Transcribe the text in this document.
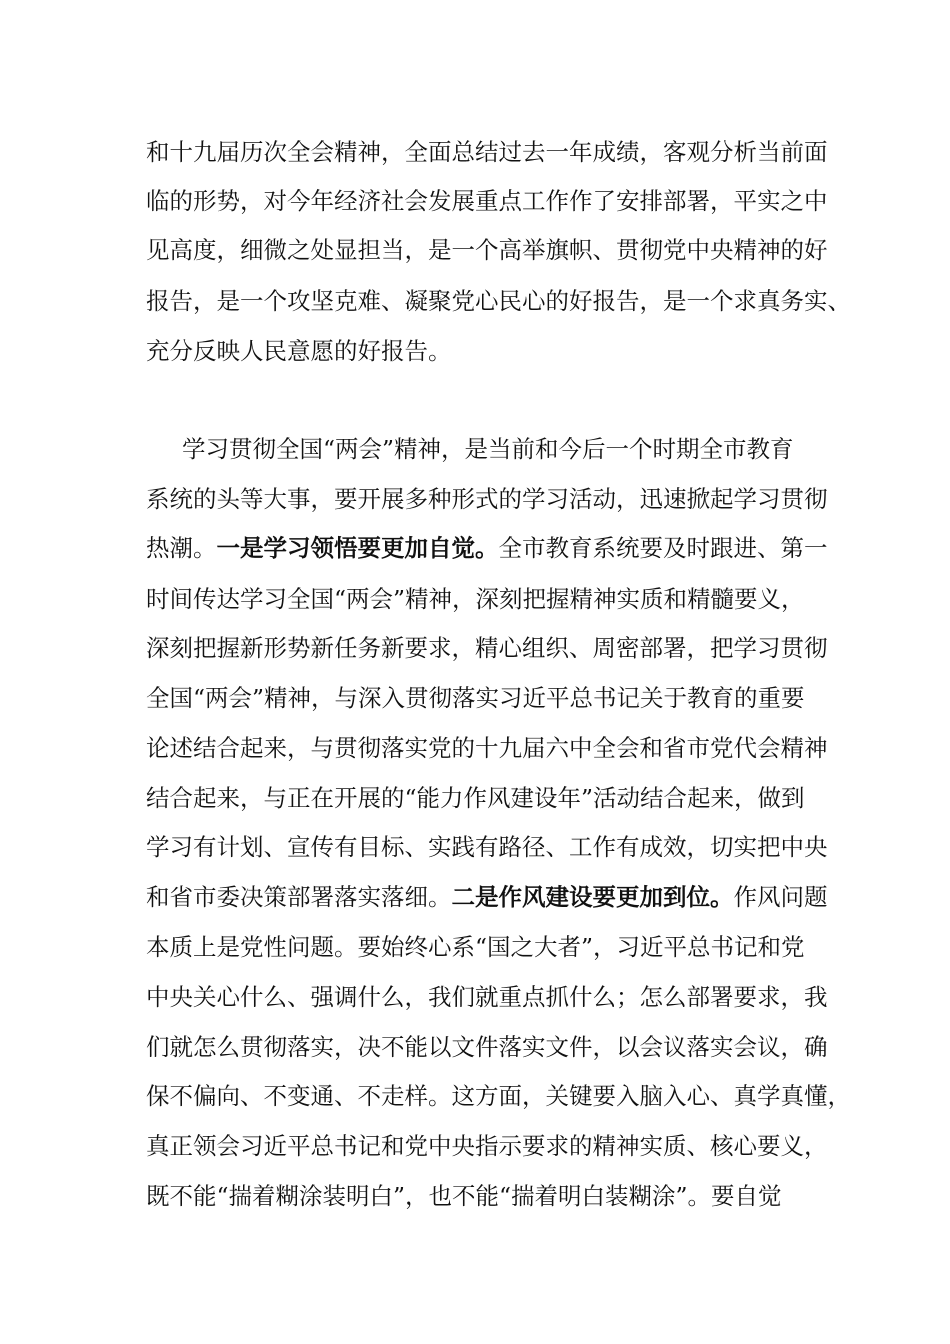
和十九届历次全会精神，全面总结过去一年成绩，客观分析当前面
临的形势，对今年经济社会发展重点工作作了安排部署，平实之中
见高度，细微之处显担当，是一个高举旗帜、贯彻党中央精神的好
报告，是一个攻坚克难、凝聚党心民心的好报告，是一个求真务实、
充分反映人民意愿的好报告。
学习贯彻全国“两会”精神，是当前和今后一个时期全市教育
系统的头等大事，要开展多种形式的学习活动，迅速掀起学习贯彻
热潮。一是学习领悟要更加自觉。全市教育系统要及时跟进、第一
时间传达学习全国“两会”精神，深刻把握精神实质和精髓要义，
深刻把握新形势新任务新要求，精心组织、周密部署，把学习贯彻
全国“两会”精神，与深入贯彻落实习近平总书记关于教育的重要
论述结合起来，与贯彻落实党的十九届六中全会和省市党代会精神
结合起来，与正在开展的“能力作风建设年”活动结合起来，做到
学习有计划、宣传有目标、实践有路径、工作有成效，切实把中央
和省市委决策部署落实落细。二是作风建设要更加到位。作风问题
本质上是党性问题。要始终心系“国之大者”，习近平总书记和党
中央关心什么、强调什么，我们就重点抓什么；怎么部署要求，我
们就怎么贯彻落实，决不能以文件落实文件，以会议落实会议，确
保不偏向、不变通、不走样。这方面，关键要入脑入心、真学真懂，
真正领会习近平总书记和党中央指示要求的精神实质、核心要义，
既不能“揣着糊涂装明白”，也不能“揣着明白装糊涂”。要自觉
